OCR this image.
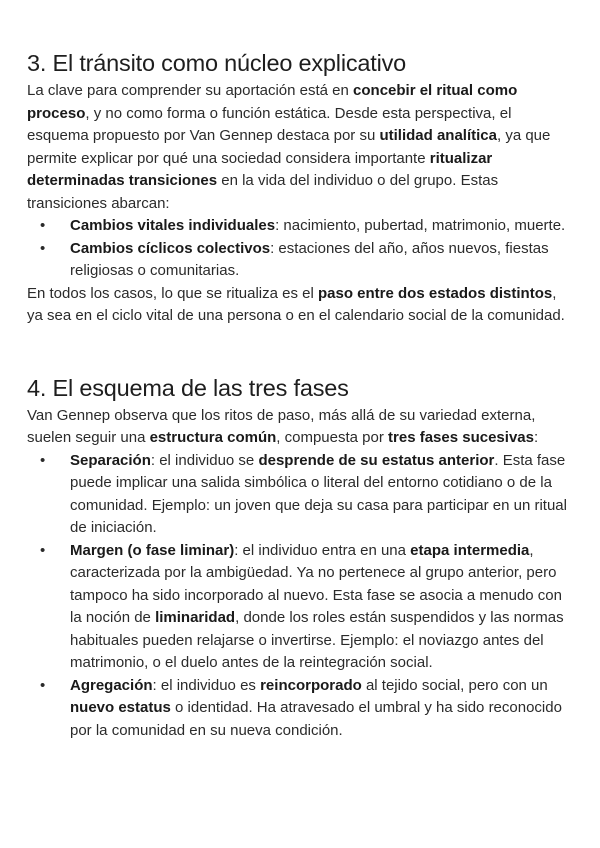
3. El tránsito como núcleo explicativo

La clave para comprender su aportación está en concebir el ritual como proceso, y no como forma o función estática. Desde esta perspectiva, el esquema propuesto por Van Gennep destaca por su utilidad analítica, ya que permite explicar por qué una sociedad considera importante ritualizar determinadas transiciones en la vida del individuo o del grupo. Estas transiciones abarcan:

• Cambios vitales individuales: nacimiento, pubertad, matrimonio, muerte.
• Cambios cíclicos colectivos: estaciones del año, años nuevos, fiestas religiosas o comunitarias.

En todos los casos, lo que se ritualiza es el paso entre dos estados distintos, ya sea en el ciclo vital de una persona o en el calendario social de la comunidad.

4. El esquema de las tres fases

Van Gennep observa que los ritos de paso, más allá de su variedad externa, suelen seguir una estructura común, compuesta por tres fases sucesivas:

• Separación: el individuo se desprende de su estatus anterior. Esta fase puede implicar una salida simbólica o literal del entorno cotidiano o de la comunidad. Ejemplo: un joven que deja su casa para participar en un ritual de iniciación.
• Margen (o fase liminar): el individuo entra en una etapa intermedia, caracterizada por la ambigüedad. Ya no pertenece al grupo anterior, pero tampoco ha sido incorporado al nuevo. Esta fase se asocia a menudo con la noción de liminaridad, donde los roles están suspendidos y las normas habituales pueden relajarse o invertirse. Ejemplo: el noviazgo antes del matrimonio, o el duelo antes de la reintegración social.
• Agregación: el individuo es reincorporado al tejido social, pero con un nuevo estatus o identidad. Ha atravesado el umbral y ha sido reconocido por la comunidad en su nueva condición.
